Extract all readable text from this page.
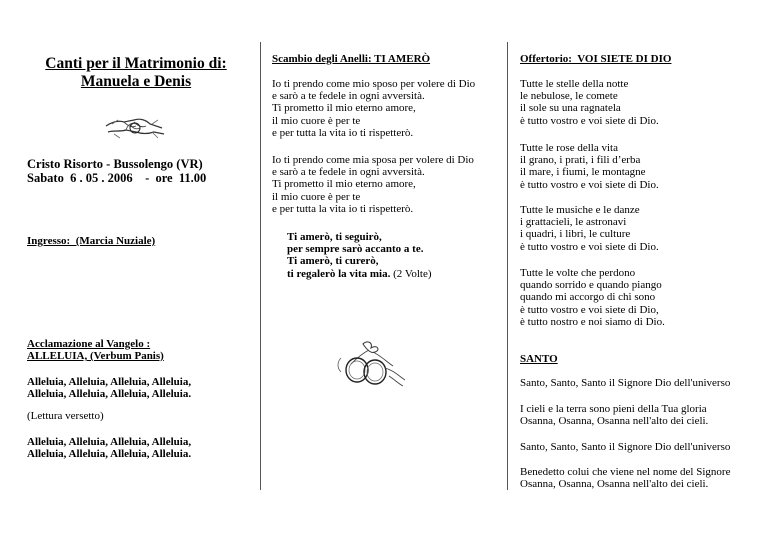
Canti per il Matrimonio di:
Manuela e Denis
Cristo Risorto - Bussolengo (VR)
Sabato  6 . 05 . 2006    -  ore  11.00
Ingresso:  (Marcia Nuziale)
Acclamazione al Vangelo :
ALLELUIA, (Verbum Panis)
Alleluia, Alleluia, Alleluia, Alleluia,
Alleluia, Alleluia, Alleluia, Alleluia.
(Lettura versetto)
Alleluia, Alleluia, Alleluia, Alleluia,
Alleluia, Alleluia, Alleluia, Alleluia.
Scambio degli Anelli: TI AMERÒ
Io ti prendo come mio sposo per volere di Dio
e sarò a te fedele in ogni avversità.
Ti prometto il mio eterno amore,
il mio cuore è per te
e per tutta la vita io ti rispetterò.
Io ti prendo come mia sposa per volere di Dio
e sarò a te fedele in ogni avversità.
Ti prometto il mio eterno amore,
il mio cuore è per te
e per tutta la vita io ti rispetterò.
Ti amerò, ti seguirò,
per sempre sarò accanto a te.
Ti amerò, ti curerò,
ti regalerò la vita mia. (2 Volte)
Offertorio:  VOI SIETE DI DIO
Tutte le stelle della notte
le nebulose, le comete
il sole su una ragnatela
è tutto vostro e voi siete di Dio.
Tutte le rose della vita
il grano, i prati, i fili d’erba
il mare, i fiumi, le montagne
è tutto vostro e voi siete di Dio.
Tutte le musiche e le danze
i grattacieli, le astronavi
i quadri, i libri, le culture
è tutto vostro e voi siete di Dio.
Tutte le volte che perdono
quando sorrido e quando piango
quando mi accorgo di chi sono
è tutto vostro e voi siete di Dio,
è tutto nostro e noi siamo di Dio.
SANTO
Santo, Santo, Santo il Signore Dio dell'universo
I cieli e la terra sono pieni della Tua gloria
Osanna, Osanna, Osanna nell'alto dei cieli.
Santo, Santo, Santo il Signore Dio dell'universo
Benedetto colui che viene nel nome del Signore
Osanna, Osanna, Osanna nell'alto dei cieli.
